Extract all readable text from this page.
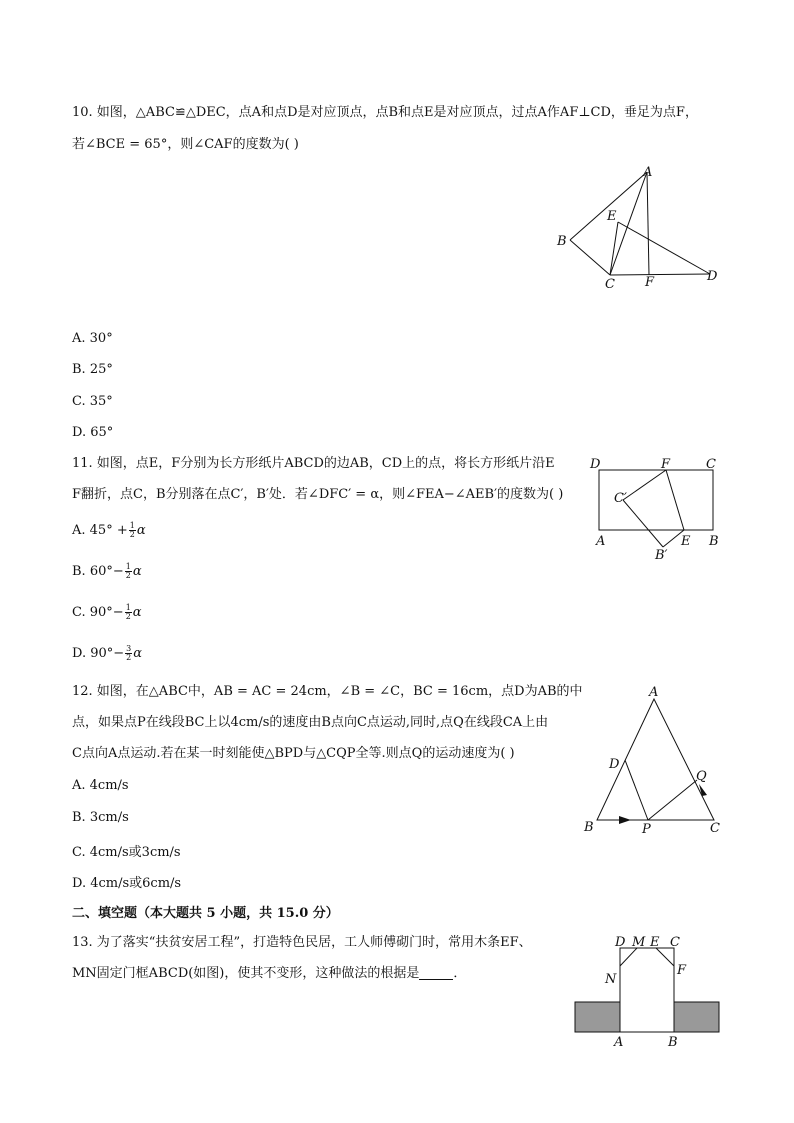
10. 如图，△ABC≌△DEC，点A和点D是对应顶点，点B和点E是对应顶点，过点A作AF⊥CD，垂足为点F，
若∠BCE = 65°，则∠CAF的度数为( )
A
B
C
D
E
F
A. 30°
B. 25°
C. 35°
D. 65°
11. 如图，点E，F分别为长方形纸片ABCD的边AB，CD上的点，将长方形纸片沿E
F翻折，点C，B分别落在点C′，B′处．若∠DFC′ = α，则∠FEA−∠AEB′的度数为( )
D	F	C
A	E B
C′
B′
A. $45^\circ + \frac{1}{2}$ α
B. $60^\circ- \frac{1}{2}$ α
C. $90^\circ- \frac{1}{2}$ α
D. $90^\circ- \frac{3}{2}$ α
12. 如图，在△ABC中，AB = AC = 24cm，∠B = ∠C，BC = 16cm，点D为AB的中
点，如果点P在线段BC上以4cm/s的速度由B点向C点运动,同时,点Q在线段CA上由
C点向A点运动.若在某一时刻能使△BPD与△CQP全等.则点Q的运动速度为( )
A
B	C
D
P
Q
A. 4cm/s
B. 3cm/s
C. 4cm/s或3cm/s
D. 4cm/s或6cm/s
二、填空题（本大题共 5 小题，共 15.0 分）
13. 为了落实“扶贫安居工程”，打造特色民居，工人师傅砌门时，常用木条EF、
MN固定门框ABCD(如图)，使其不变形，这种做法的根据是	．
D M E C
N
F
A	B
